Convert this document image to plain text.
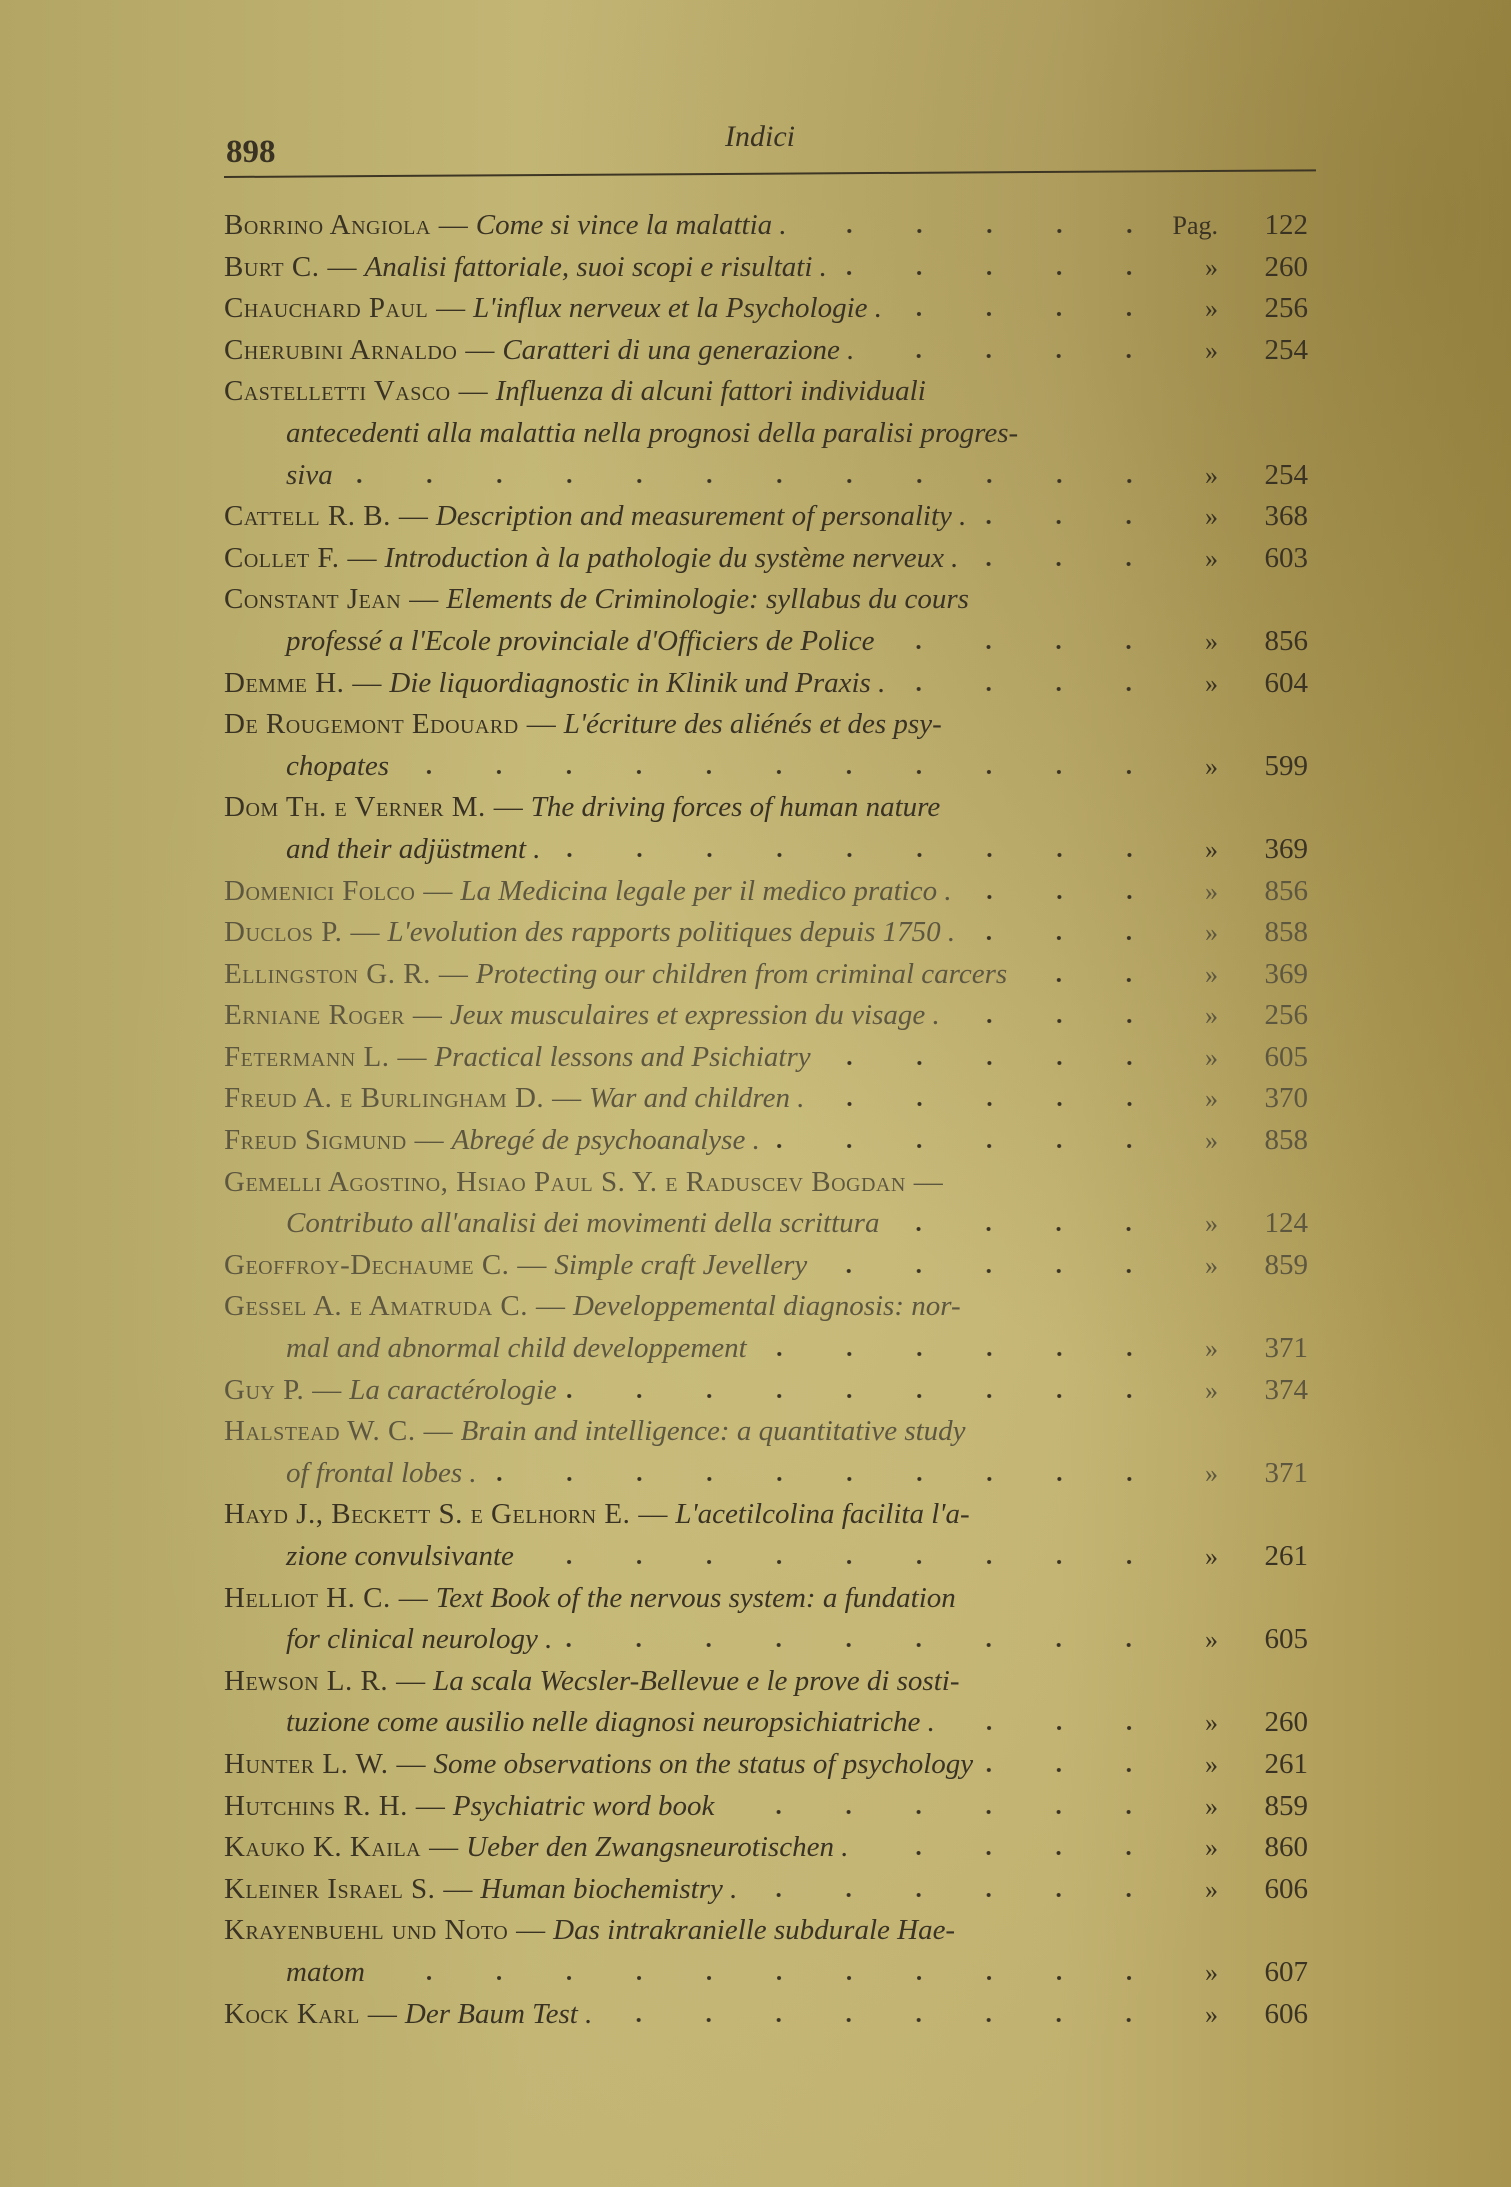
898	Indici
Borrino Angiola — Come si vince la malattia .	Pag.	122
Burt C. — Analisi fattoriale, suoi scopi e risultati .	»	260
Chauchard Paul — L'influx nerveux et la Psychologie .	»	256
Cherubini Arnaldo — Caratteri di una generazione .	»	254
Castelletti Vasco — Influenza di alcuni fattori individuali
antecedenti alla malattia nella prognosi della paralisi progres-
siva	»	254
Cattell R. B. — Description and measurement of personality .	»	368
Collet F. — Introduction à la pathologie du système nerveux .	»	603
Constant Jean — Elements de Criminologie: syllabus du cours
professé a l'Ecole provinciale d'Officiers de Police	»	856
Demme H. — Die liquordiagnostic in Klinik und Praxis .	»	604
De Rougemont Edouard — L'écriture des aliénés et des psy-
chopates	»	599
Dom Th. e Verner M. — The driving forces of human nature
and their adjüstment .	»	369
Domenici Folco — La Medicina legale per il medico pratico .	»	856
Duclos P. — L'evolution des rapports politiques depuis 1750 .	»	858
Ellingston G. R. — Protecting our children from criminal carcers	»	369
Erniane Roger — Jeux musculaires et expression du visage .	»	256
Fetermann L. — Practical lessons and Psichiatry	»	605
Freud A. e Burlingham D. — War and children .	»	370
Freud Sigmund — Abregé de psychoanalyse .	»	858
Gemelli Agostino, Hsiao Paul S. Y. e Raduscev Bogdan —
Contributo all'analisi dei movimenti della scrittura	»	124
Geoffroy-Dechaume C. — Simple craft Jevellery	»	859
Gessel A. e Amatruda C. — Developpemental diagnosis: nor-
mal and abnormal child developpement	»	371
Guy P. — La caractérologie	»	374
Halstead W. C. — Brain and intelligence: a quantitative study
of frontal lobes .	»	371
Hayd J., Beckett S. e Gelhorn E. — L'acetilcolina facilita l'a-
zione convulsivante	»	261
Helliot H. C. — Text Book of the nervous system: a fundation
for clinical neurology .	»	605
Hewson L. R. — La scala Wecsler-Bellevue e le prove di sosti-
tuzione come ausilio nelle diagnosi neuropsichiatriche .	»	260
Hunter L. W. — Some observations on the status of psychology	»	261
Hutchins R. H. — Psychiatric word book	»	859
Kauko K. Kaila — Ueber den Zwangsneurotischen .	»	860
Kleiner Israel S. — Human biochemistry .	»	606
Krayenbuehl und Noto — Das intrakranielle subdurale Hae-
matom	»	607
Kock Karl — Der Baum Test .	»	606
